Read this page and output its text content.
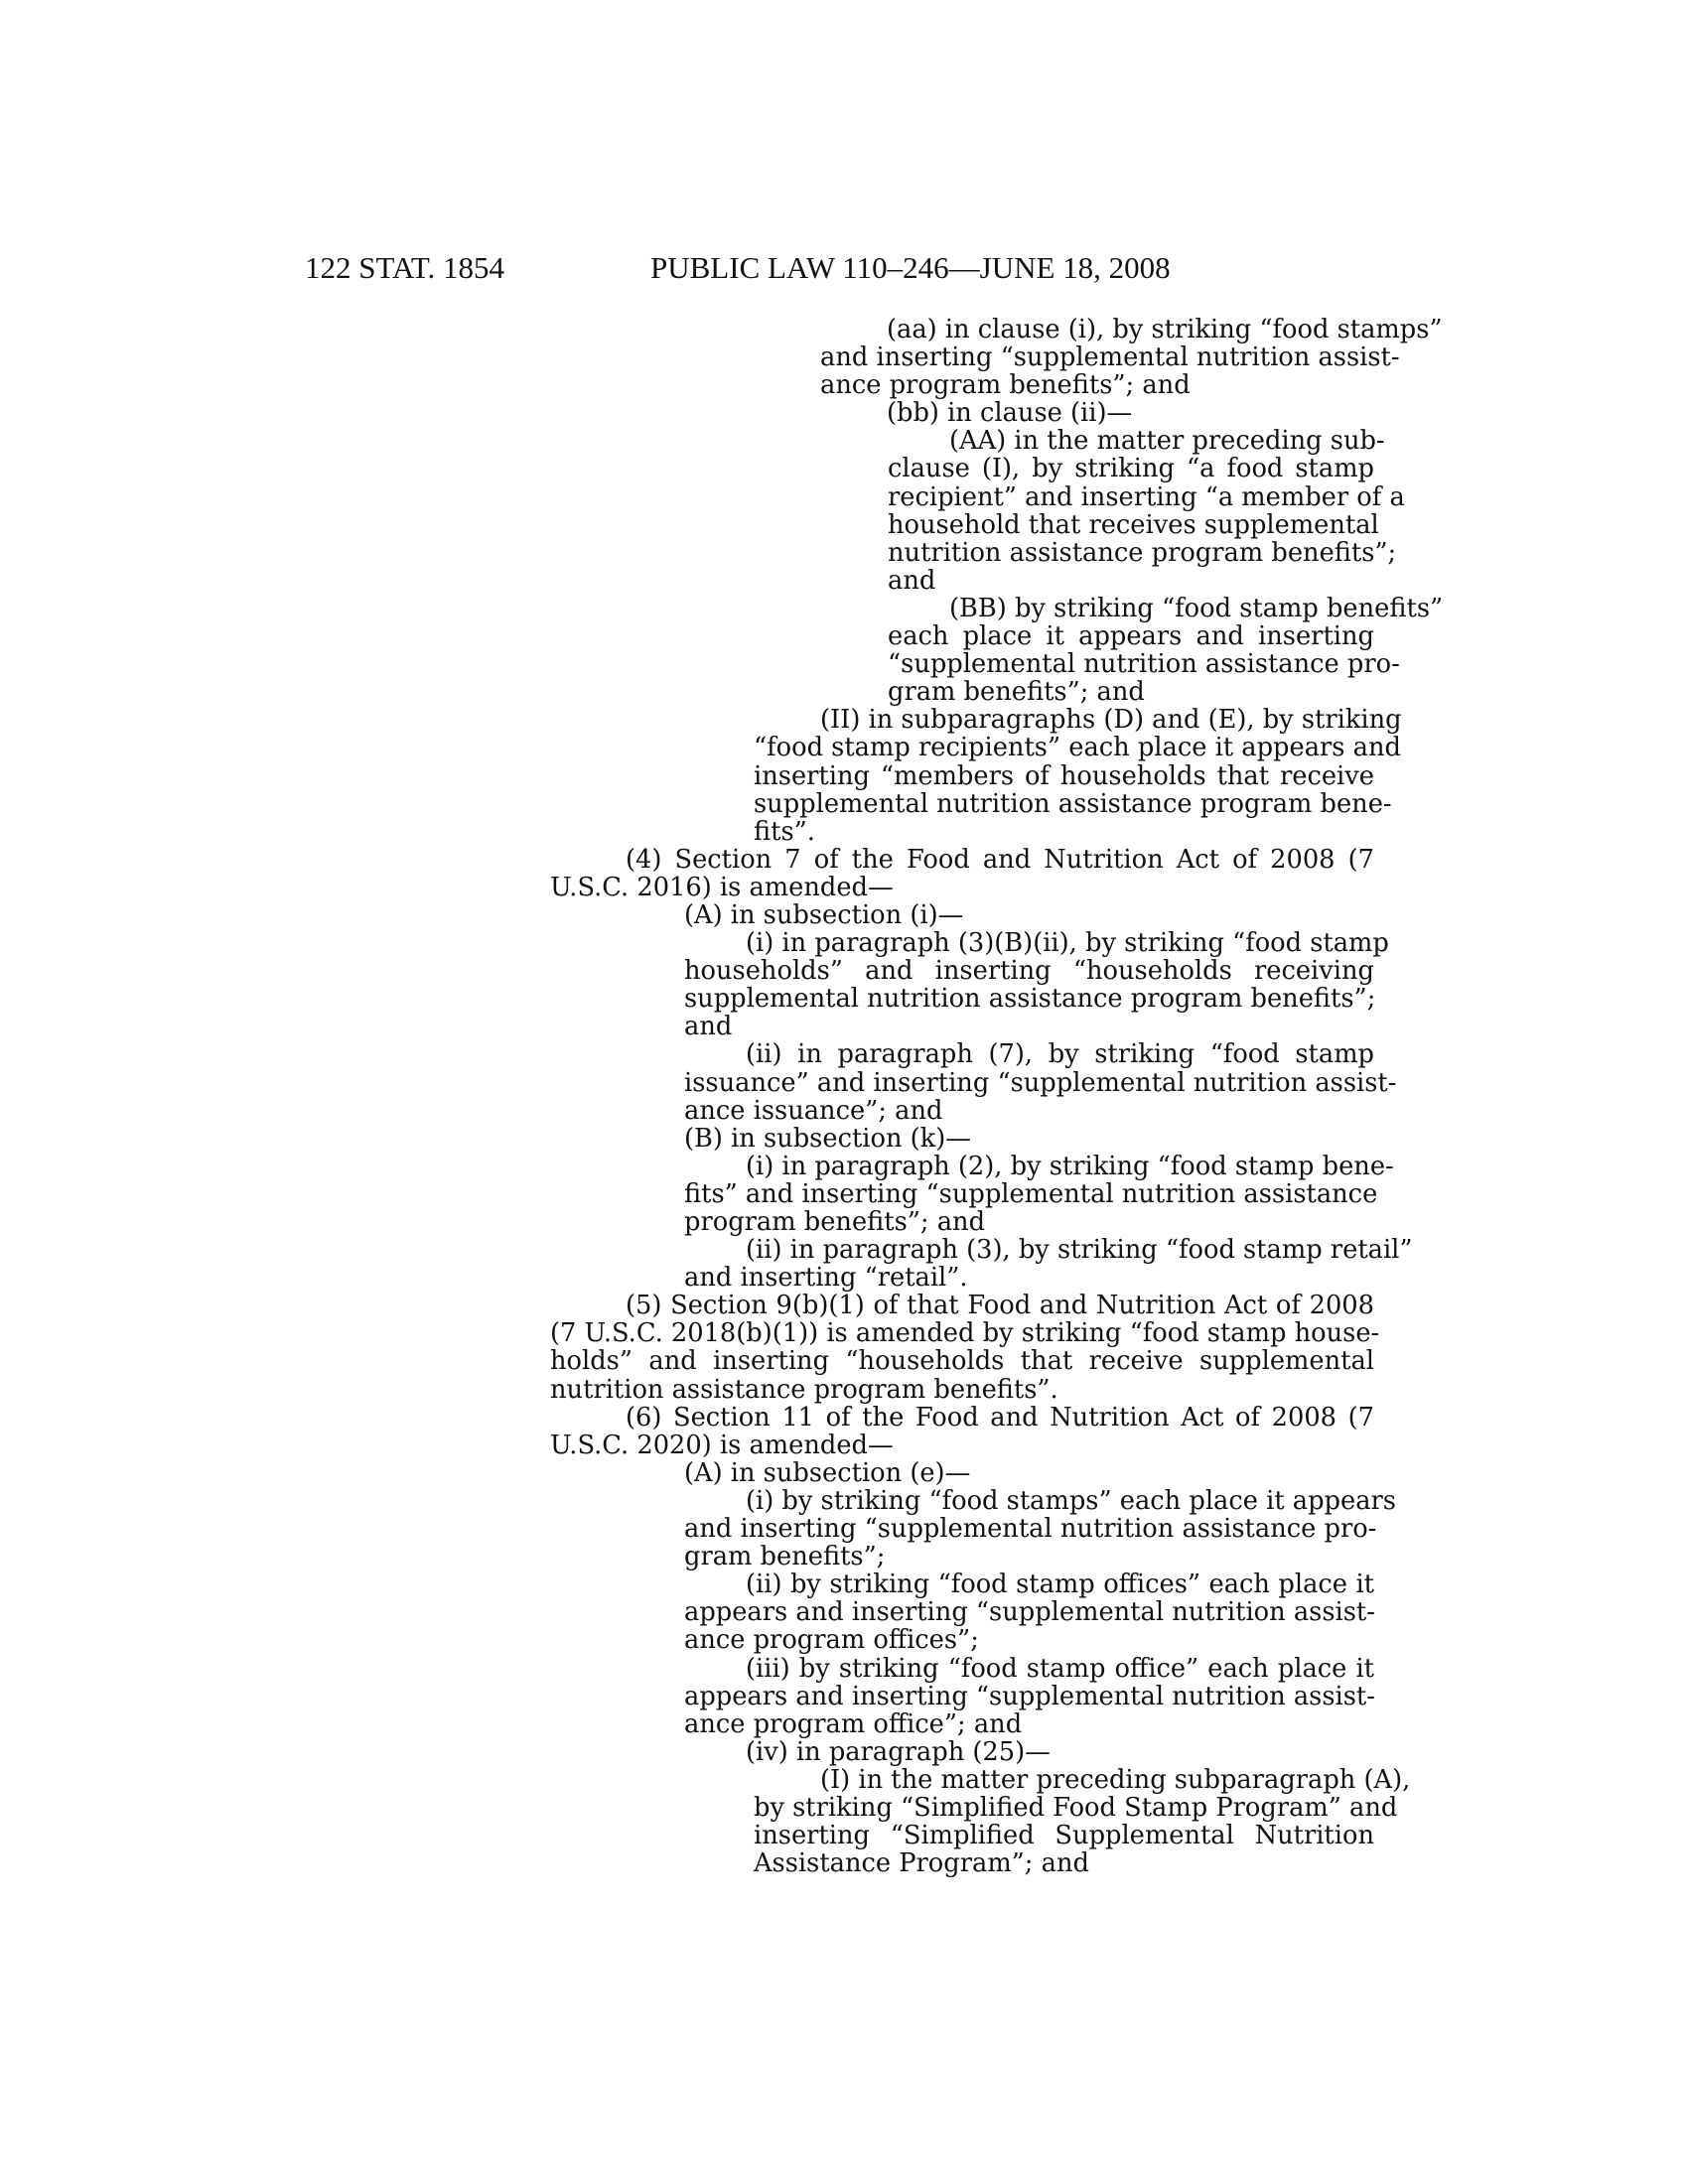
122 STAT. 1854	PUBLIC LAW 110–246—JUNE 18, 2008
(aa) in clause (i), by striking “food stamps”
and inserting “supplemental nutrition assist-
ance program benefits”; and
(bb) in clause (ii)—
(AA) in the matter preceding sub-
clause (I), by striking “a food stamp
recipient” and inserting “a member of a
household that receives supplemental
nutrition assistance program benefits”;
and
(BB) by striking “food stamp benefits”
each place it appears and inserting
“supplemental nutrition assistance pro-
gram benefits”; and
(II) in subparagraphs (D) and (E), by striking
“food stamp recipients” each place it appears and
inserting “members of households that receive
supplemental nutrition assistance program bene-
fits”.
(4) Section 7 of the Food and Nutrition Act of 2008 (7
U.S.C. 2016) is amended—
(A) in subsection (i)—
(i) in paragraph (3)(B)(ii), by striking “food stamp
households” and inserting “households receiving
supplemental nutrition assistance program benefits”;
and
(ii) in paragraph (7), by striking “food stamp
issuance” and inserting “supplemental nutrition assist-
ance issuance”; and
(B) in subsection (k)—
(i) in paragraph (2), by striking “food stamp bene-
fits” and inserting “supplemental nutrition assistance
program benefits”; and
(ii) in paragraph (3), by striking “food stamp retail”
and inserting “retail”.
(5) Section 9(b)(1) of that Food and Nutrition Act of 2008
(7 U.S.C. 2018(b)(1)) is amended by striking “food stamp house-
holds” and inserting “households that receive supplemental
nutrition assistance program benefits”.
(6) Section 11 of the Food and Nutrition Act of 2008 (7
U.S.C. 2020) is amended—
(A) in subsection (e)—
(i) by striking “food stamps” each place it appears
and inserting “supplemental nutrition assistance pro-
gram benefits”;
(ii) by striking “food stamp offices” each place it
appears and inserting “supplemental nutrition assist-
ance program offices”;
(iii) by striking “food stamp office” each place it
appears and inserting “supplemental nutrition assist-
ance program office”; and
(iv) in paragraph (25)—
(I) in the matter preceding subparagraph (A),
by striking “Simplified Food Stamp Program” and
inserting “Simplified Supplemental Nutrition
Assistance Program”; and
